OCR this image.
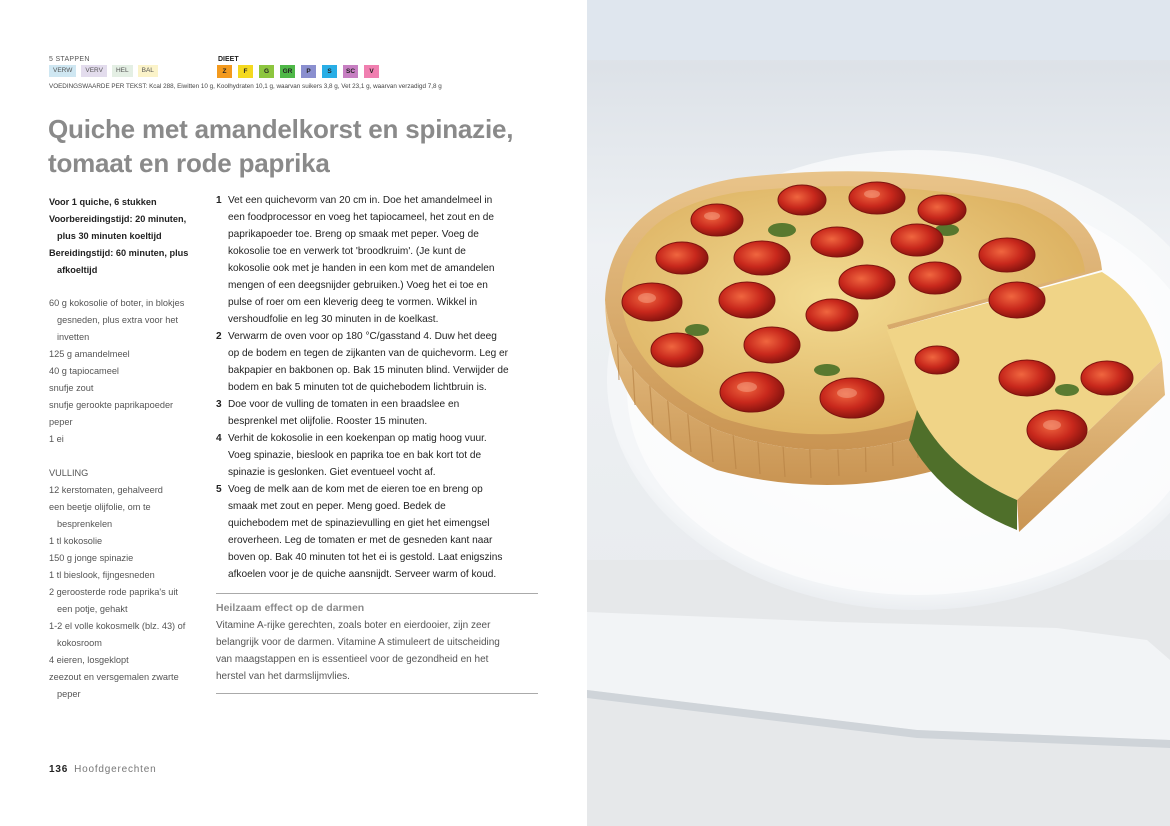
5 STAPPEN	DIEET
VERW	VERV	HEL	BAL	Z	F	G	GR	P	S	SC	V
VOEDINGSWAARDE PER TEKST: Kcal 288, Eiwitten 10 g, Koolhydraten 10,1 g, waarvan suikers 3,8 g, Vet 23,1 g, waarvan verzadigd 7,8 g
Quiche met amandelkorst en spinazie,
tomaat en rode paprika
Voor 1 quiche, 6 stukken
Voorbereidingstijd: 20 minuten,
plus 30 minuten koeltijd
Bereidingstijd: 60 minuten, plus
afkoeltijd
60 g kokosolie of boter, in blokjes
gesneden, plus extra voor het
invetten
125 g amandelmeel
40 g tapiocameel
snufje zout
snufje gerookte paprikapoeder
peper
1 ei
VULLING
12 kerstomaten, gehalveerd
een beetje olijfolie, om te
besprenkelen
1 tl kokosolie
150 g jonge spinazie
1 tl bieslook, fijngesneden
2 geroosterde rode paprika's uit
een potje, gehakt
1-2 el volle kokosmelk (blz. 43) of
kokosroom
4 eieren, losgeklopt
zeezout en versgemalen zwarte
peper
1 Vet een quichevorm van 20 cm in. Doe het amandelmeel in
een foodprocessor en voeg het tapiocameel, het zout en de
paprikapoeder toe. Breng op smaak met peper. Voeg de
kokosolie toe en verwerk tot 'broodkruim'. (Je kunt de
kokosolie ook met je handen in een kom met de amandelen
mengen of een deegsnijder gebruiken.) Voeg het ei toe en
pulse of roer om een kleverig deeg te vormen. Wikkel in
vershoudfolie en leg 30 minuten in de koelkast.
2 Verwarm de oven voor op 180 °C/gasstand 4. Duw het deeg
op de bodem en tegen de zijkanten van de quichevorm. Leg er
bakpapier en bakbonen op. Bak 15 minuten blind. Verwijder de
bodem en bak 5 minuten tot de quichebodem lichtbruin is.
3 Doe voor de vulling de tomaten in een braadslee en
besprenkel met olijfolie. Rooster 15 minuten.
4 Verhit de kokosolie in een koekenpan op matig hoog vuur.
Voeg spinazie, bieslook en paprika toe en bak kort tot de
spinazie is geslonken. Giet eventueel vocht af.
5 Voeg de melk aan de kom met de eieren toe en breng op
smaak met zout en peper. Meng goed. Bedek de
quichebodem met de spinazievulling en giet het eimengsel
eroverheen. Leg de tomaten er met de gesneden kant naar
boven op. Bak 40 minuten tot het ei is gestold. Laat enigszins
afkoelen voor je de quiche aansnijdt. Serveer warm of koud.
Heilzaam effect op de darmen
Vitamine A-rijke gerechten, zoals boter en eierdooier, zijn zeer
belangrijk voor de darmen. Vitamine A stimuleert de uitscheiding
van maagstappen en is essentieel voor de gezondheid en het
herstel van het darmslijmvlies.
136 Hoofdgerechten
